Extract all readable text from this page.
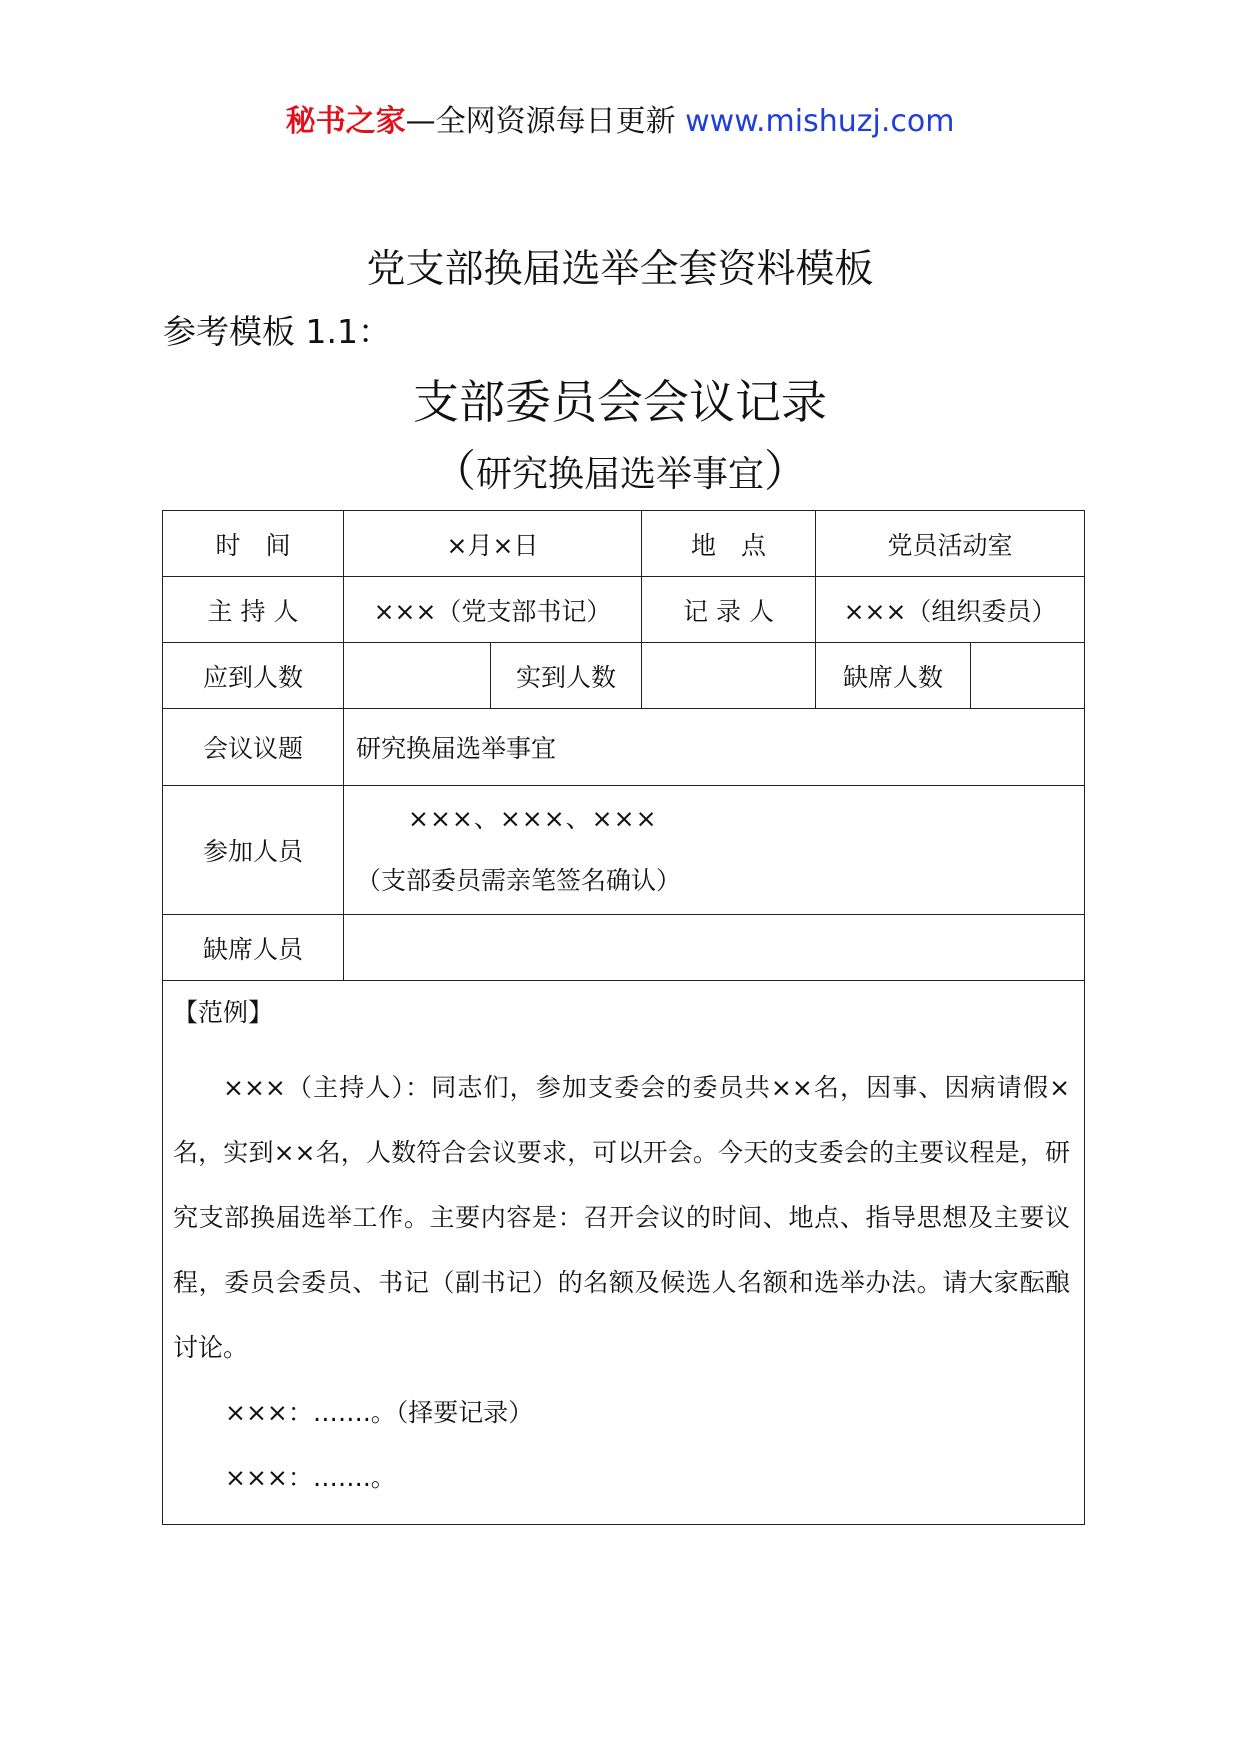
秘书之家—全网资源每日更新 www.mishuzj.com
党支部换届选举全套资料模板
参考模板 1.1：
支部委员会会议记录
（研究换届选举事宜）
时　间	×月×日		地　点	党员活动室	
主 持 人	×××（党支部书记）		记 录 人	×××（组织委员）	
应到人数		实到人数		缺席人数	
会议议题	研究换届选举事宜				
参加人员	×××、×××、×××
（支部委员需亲笔签名确认）				

缺席人员					

【范例】

×××（主持人）：同志们，参加支委会的委员共××名，因事、因病请假×名，实到××名，人数符合会议要求，可以开会。今天的支委会的主要议程是，研究支部换届选举工作。主要内容是：召开会议的时间、地点、指导思想及主要议程，委员会委员、书记（副书记）的名额及候选人名额和选举办法。请大家酝酿讨论。

×××：…….。（择要记录）
×××：…….。					
